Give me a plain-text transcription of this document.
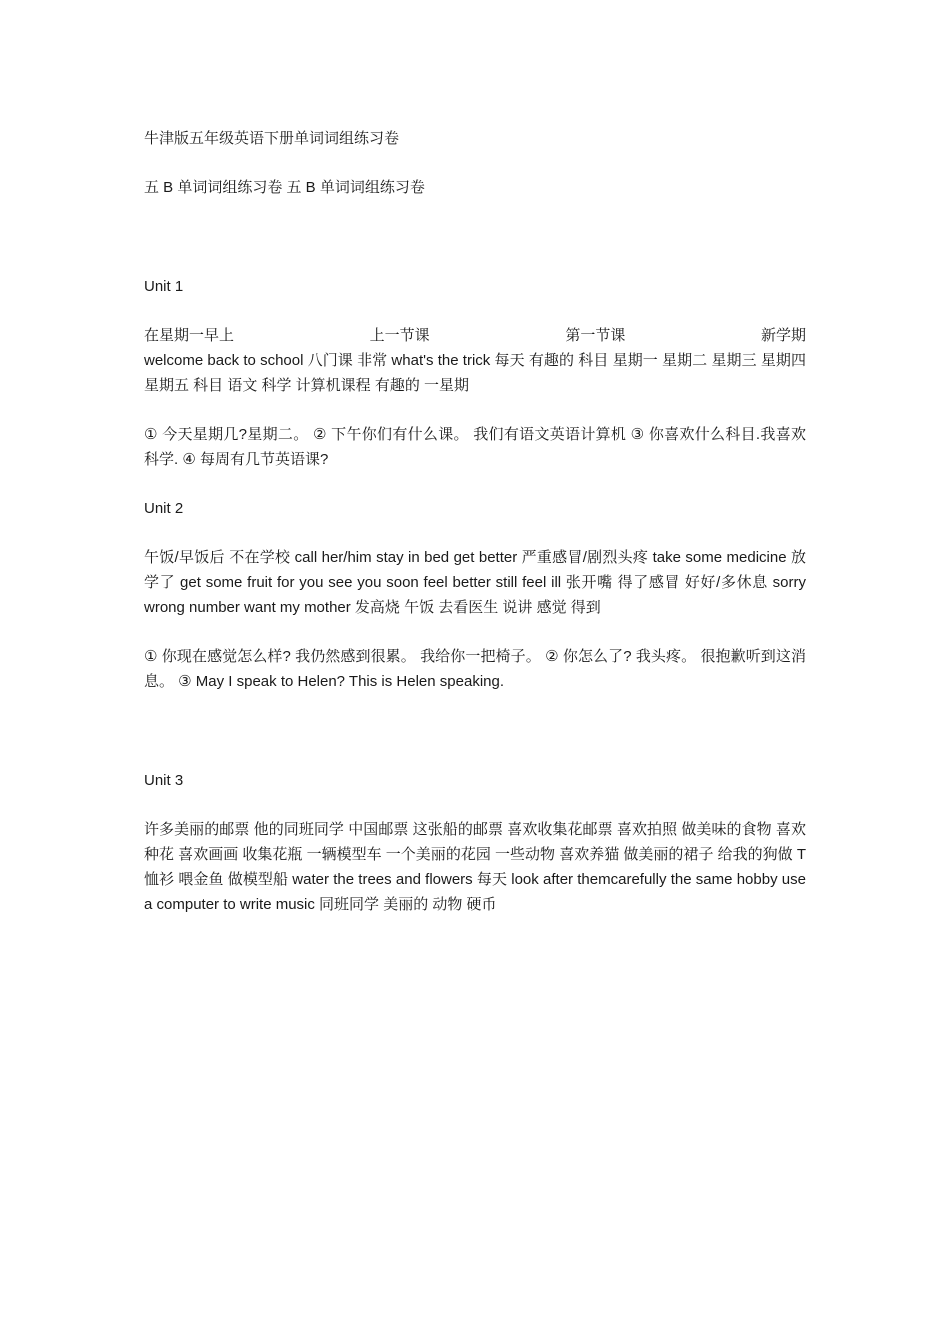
牛津版五年级英语下册单词词组练习卷

五 B 单词词组练习卷 五 B 单词词组练习卷

Unit 1

在星期一早上	上一节课	第一节课	新学期

welcome back to school 八门课 非常 what's the trick 每天 有趣的 科目 星期一 星期二 星期三 星期四 星期五 科目 语文 科学 计算机课程 有趣的 一星期

① 今天星期几?星期二。 ② 下午你们有什么课。 我们有语文英语计算机 ③ 你喜欢什么科目.我喜欢科学. ④ 每周有几节英语课?

Unit 2

午饭/早饭后 不在学校 call her/him stay in bed get better 严重感冒/剧烈头疼 take some medicine 放学了 get some fruit for you see you soon feel better still feel ill 张开嘴 得了感冒 好好/多休息 sorry wrong number want my mother 发高烧 午饭 去看医生 说讲 感觉 得到

① 你现在感觉怎么样? 我仍然感到很累。 我给你一把椅子。 ② 你怎么了? 我头疼。 很抱歉听到这消息。 ③ May I speak to Helen? This is Helen speaking.

Unit 3

许多美丽的邮票 他的同班同学 中国邮票 这张船的邮票 喜欢收集花邮票 喜欢拍照 做美味的食物 喜欢种花 喜欢画画 收集花瓶 一辆模型车 一个美丽的花园 一些动物 喜欢养猫 做美丽的裙子 给我的狗做 T 恤衫 喂金鱼 做模型船 water the trees and flowers 每天 look after themcarefully the same hobby use a computer to write music 同班同学 美丽的 动物 硬币
